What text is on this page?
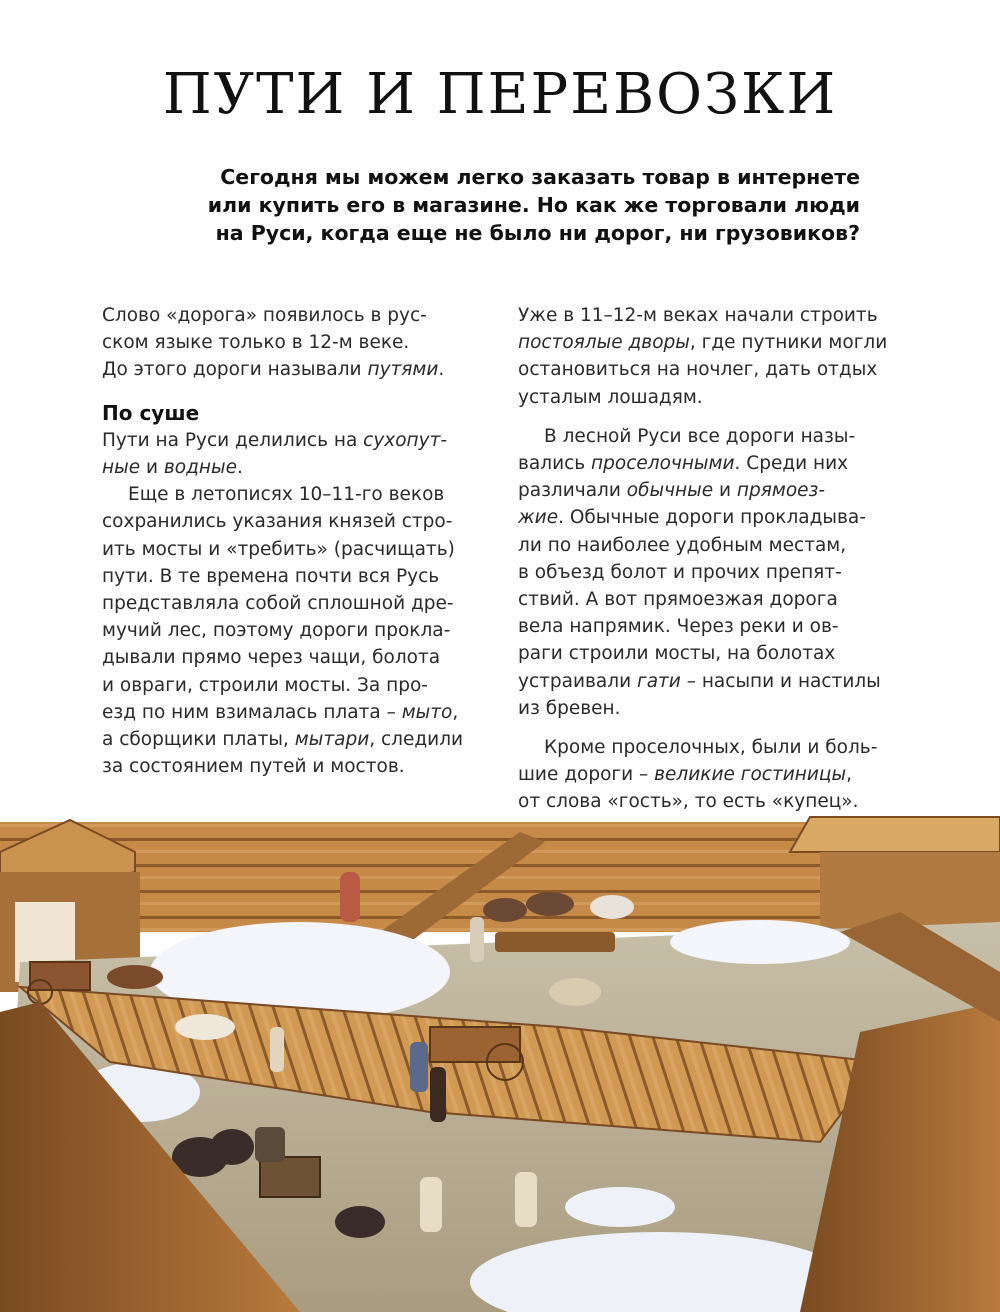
ПУТИ И ПЕРЕВОЗКИ
Сегодня мы можем легко заказать товар в интернете
или купить его в магазине. Но как же торговали люди
на Руси, когда еще не было ни дорог, ни грузовиков?
Слово «дорога» появилось в рус-
ском языке только в 12-м веке.
До этого дороги называли путями.
По суше
Пути на Руси делились на сухопут-
ные и водные.
Еще в летописях 10–11-го веков
сохранились указания князей стро-
ить мосты и «требить» (расчищать)
пути. В те времена почти вся Русь
представляла собой сплошной дре-
мучий лес, поэтому дороги прокла-
дывали прямо через чащи, болота
и овраги, строили мосты. За про-
езд по ним взималась плата – мыто,
а сборщики платы, мытари, следили
за состоянием путей и мостов.
Уже в 11–12-м веках начали строить
постоялые дворы, где путники могли
остановиться на ночлег, дать отдых
усталым лошадям.
В лесной Руси все дороги назы-
вались проселочными. Среди них
различали обычные и прямоез-
жие. Обычные дороги прокладыва-
ли по наиболее удобным местам,
в объезд болот и прочих препят-
ствий. А вот прямоезжая дорога
вела напрямик. Через реки и ов-
раги строили мосты, на болотах
устраивали гати – насыпи и настилы
из бревен.
Кроме проселочных, были и боль-
шие дороги – великие гостиницы,
от слова «гость», то есть «купец».
